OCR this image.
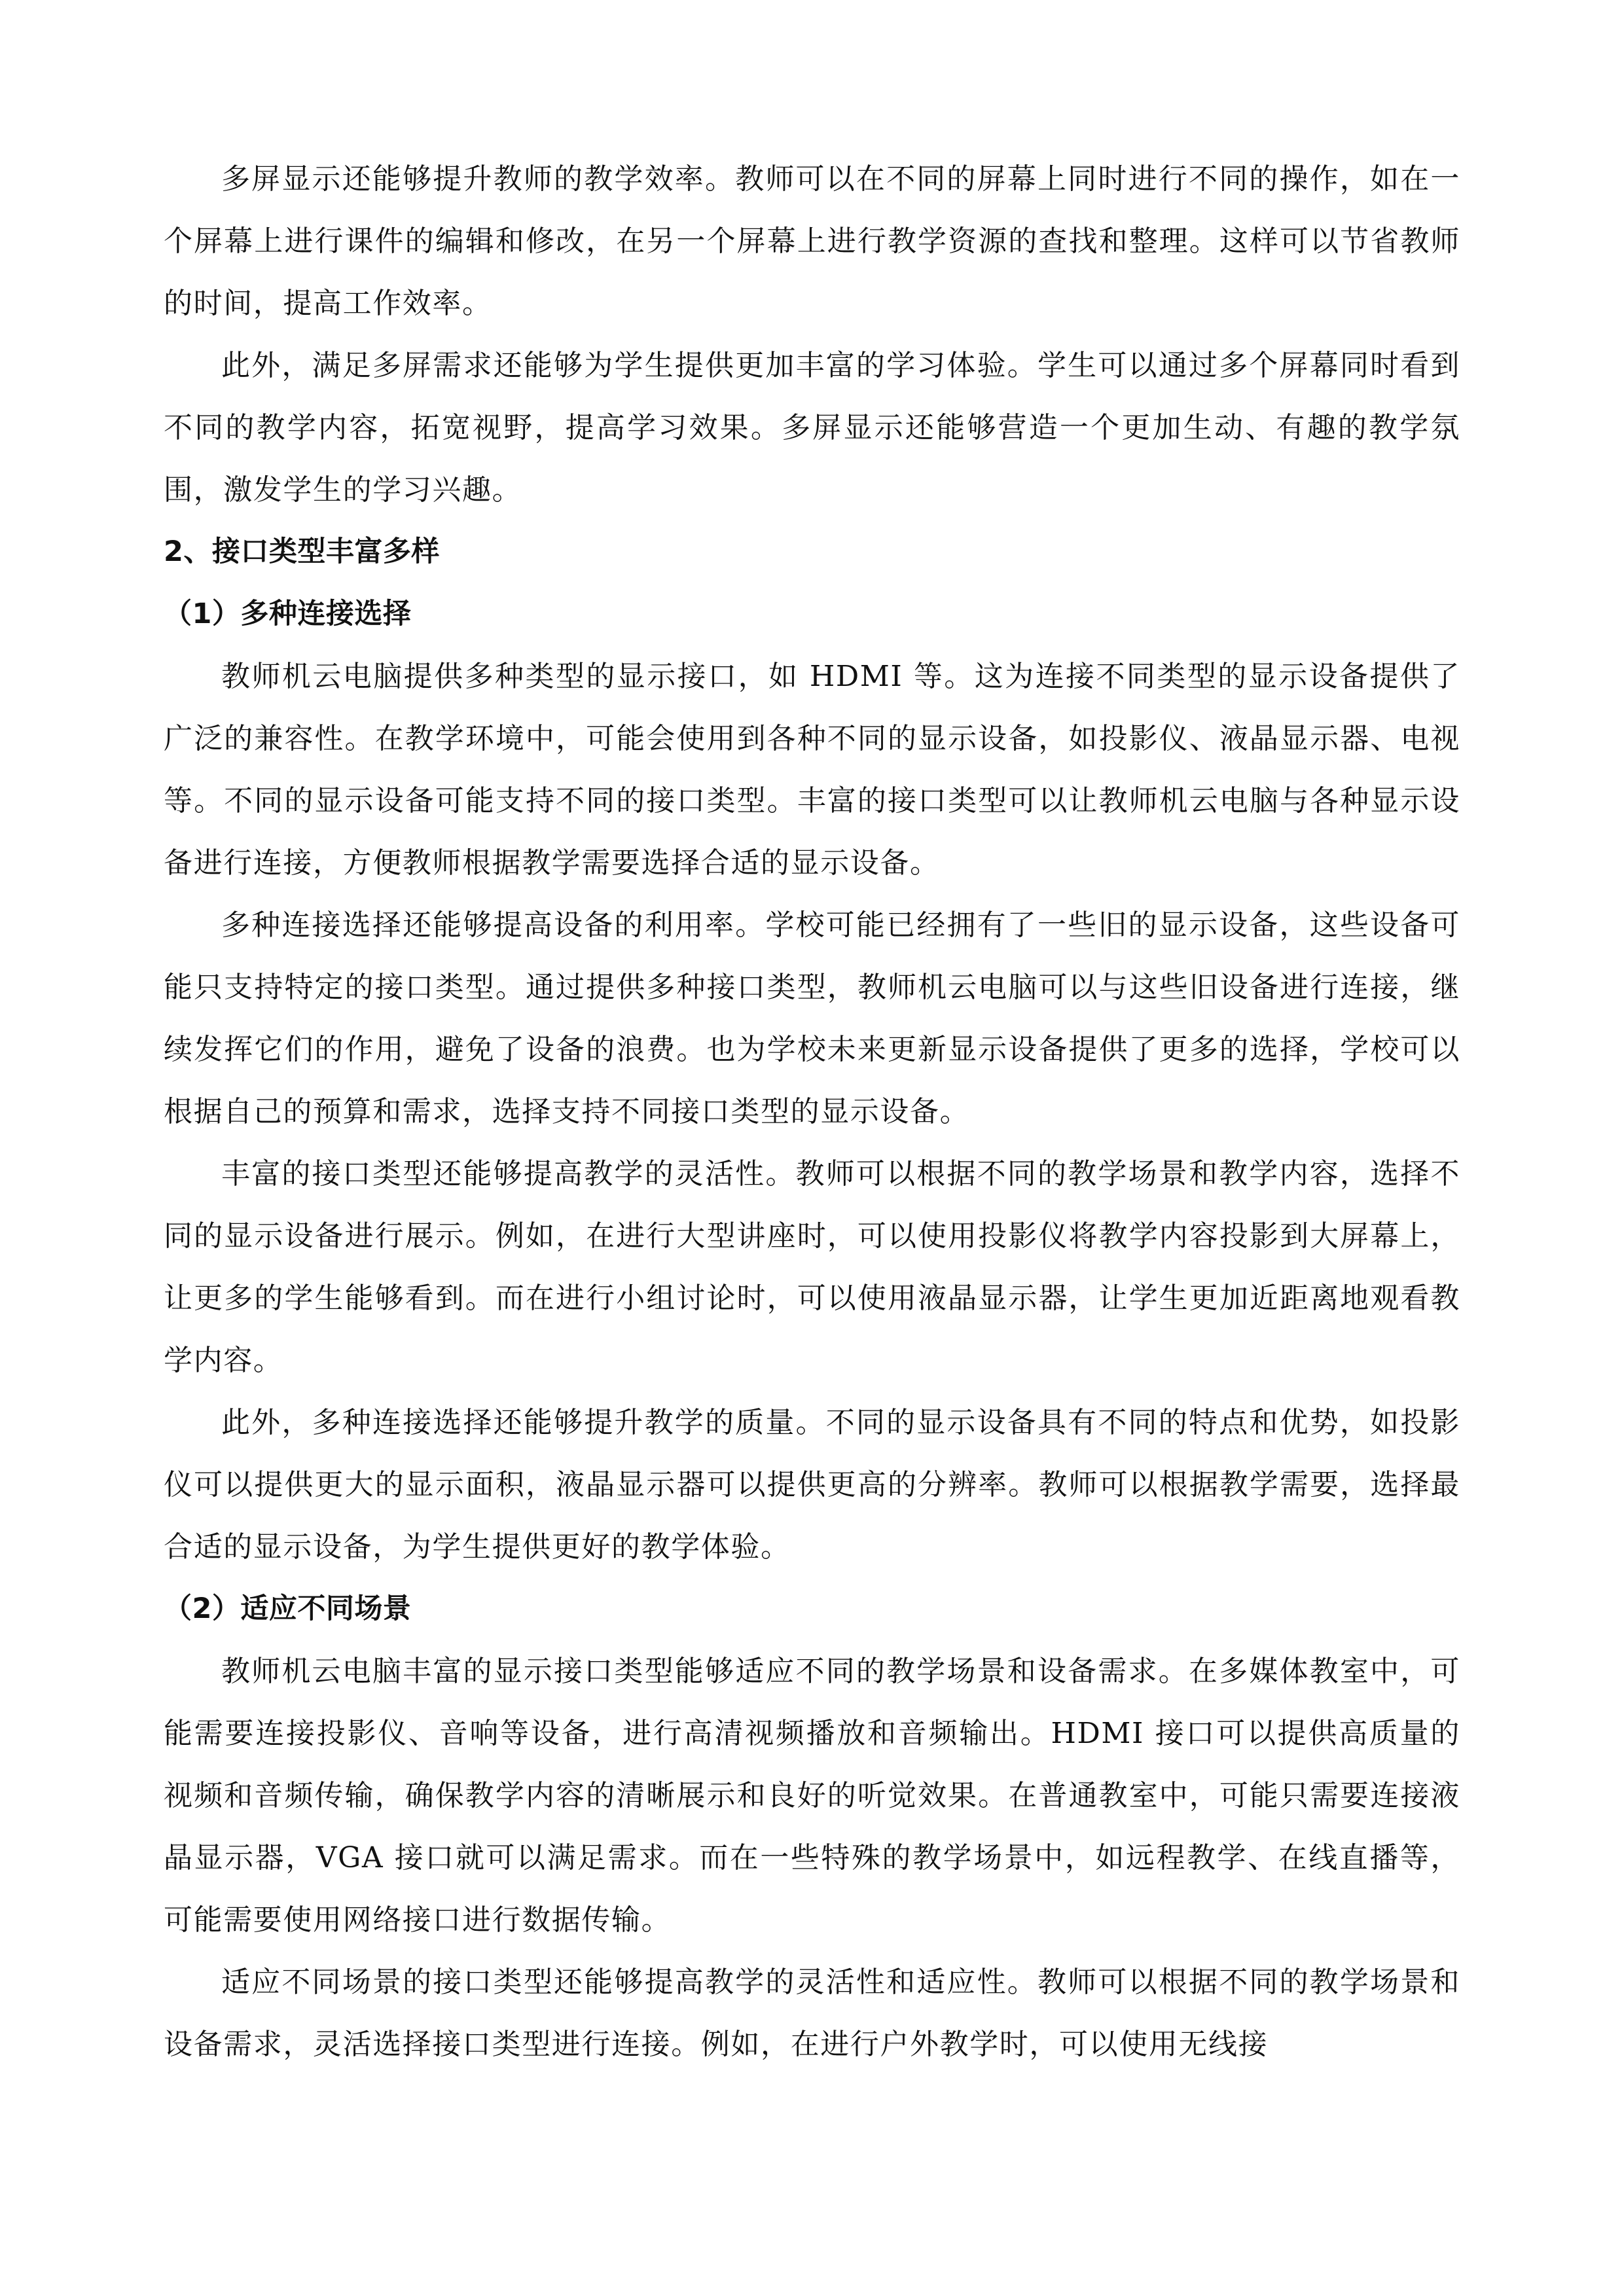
多屏显示还能够提升教师的教学效率。教师可以在不同的屏幕上同时进行不同的操作，如在一个屏幕上进行课件的编辑和修改，在另一个屏幕上进行教学资源的查找和整理。这样可以节省教师的时间，提高工作效率。

此外，满足多屏需求还能够为学生提供更加丰富的学习体验。学生可以通过多个屏幕同时看到不同的教学内容，拓宽视野，提高学习效果。多屏显示还能够营造一个更加生动、有趣的教学氛围，激发学生的学习兴趣。

2、接口类型丰富多样

（1）多种连接选择

教师机云电脑提供多种类型的显示接口，如 HDMI 等。这为连接不同类型的显示设备提供了广泛的兼容性。在教学环境中，可能会使用到各种不同的显示设备，如投影仪、液晶显示器、电视等。不同的显示设备可能支持不同的接口类型。丰富的接口类型可以让教师机云电脑与各种显示设备进行连接，方便教师根据教学需要选择合适的显示设备。

多种连接选择还能够提高设备的利用率。学校可能已经拥有了一些旧的显示设备，这些设备可能只支持特定的接口类型。通过提供多种接口类型，教师机云电脑可以与这些旧设备进行连接，继续发挥它们的作用，避免了设备的浪费。也为学校未来更新显示设备提供了更多的选择，学校可以根据自己的预算和需求，选择支持不同接口类型的显示设备。

丰富的接口类型还能够提高教学的灵活性。教师可以根据不同的教学场景和教学内容，选择不同的显示设备进行展示。例如，在进行大型讲座时，可以使用投影仪将教学内容投影到大屏幕上，让更多的学生能够看到。而在进行小组讨论时，可以使用液晶显示器，让学生更加近距离地观看教学内容。

此外，多种连接选择还能够提升教学的质量。不同的显示设备具有不同的特点和优势，如投影仪可以提供更大的显示面积，液晶显示器可以提供更高的分辨率。教师可以根据教学需要，选择最合适的显示设备，为学生提供更好的教学体验。

（2）适应不同场景

教师机云电脑丰富的显示接口类型能够适应不同的教学场景和设备需求。在多媒体教室中，可能需要连接投影仪、音响等设备，进行高清视频播放和音频输出。HDMI 接口可以提供高质量的视频和音频传输，确保教学内容的清晰展示和良好的听觉效果。在普通教室中，可能只需要连接液晶显示器，VGA 接口就可以满足需求。而在一些特殊的教学场景中，如远程教学、在线直播等，可能需要使用网络接口进行数据传输。

适应不同场景的接口类型还能够提高教学的灵活性和适应性。教师可以根据不同的教学场景和设备需求，灵活选择接口类型进行连接。例如，在进行户外教学时，可以使用无线接
